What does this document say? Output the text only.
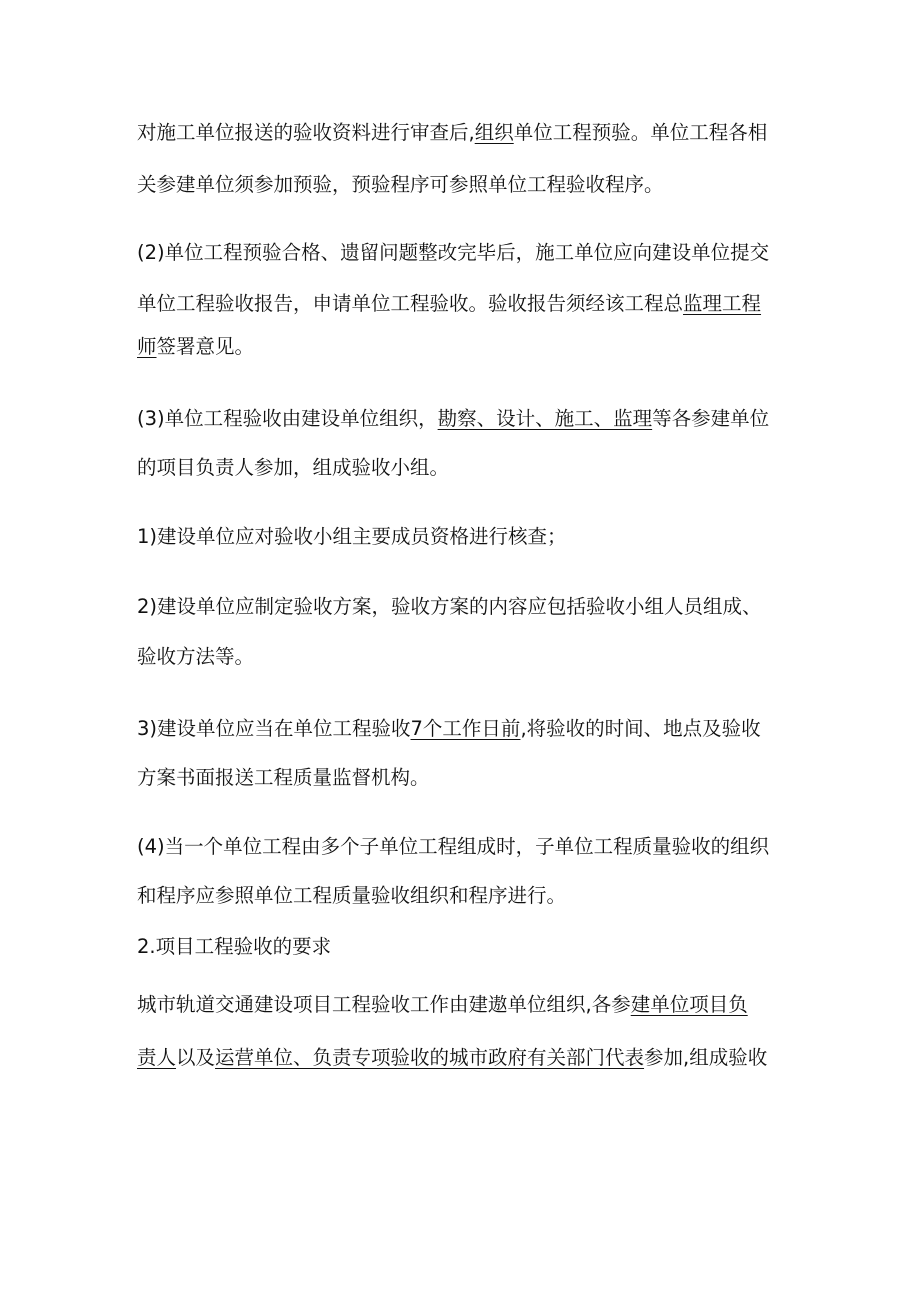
对施工单位报送的验收资料进行审查后,组织单位工程预验。单位工程各相
关参建单位须参加预验，预验程序可参照单位工程验收程序。
(2)单位工程预验合格、遗留问题整改完毕后，施工单位应向建设单位提交
单位工程验收报告，申请单位工程验收。验收报告须经该工程总监理工程
师签署意见。
(3)单位工程验收由建设单位组织，勘察、设计、施工、监理等各参建单位
的项目负责人参加，组成验收小组。
1)建设单位应对验收小组主要成员资格进行核查；
2)建设单位应制定验收方案，验收方案的内容应包括验收小组人员组成、
验收方法等。
3)建设单位应当在单位工程验收7个工作日前,将验收的时间、地点及验收
方案书面报送工程质量监督机构。
(4)当一个单位工程由多个子单位工程组成时，子单位工程质量验收的组织
和程序应参照单位工程质量验收组织和程序进行。
2.项目工程验收的要求
城市轨道交通建设项目工程验收工作由建遨单位组织,各参建单位项目负
责人以及运营单位、负责专项验收的城市政府有关部门代表参加,组成验收
